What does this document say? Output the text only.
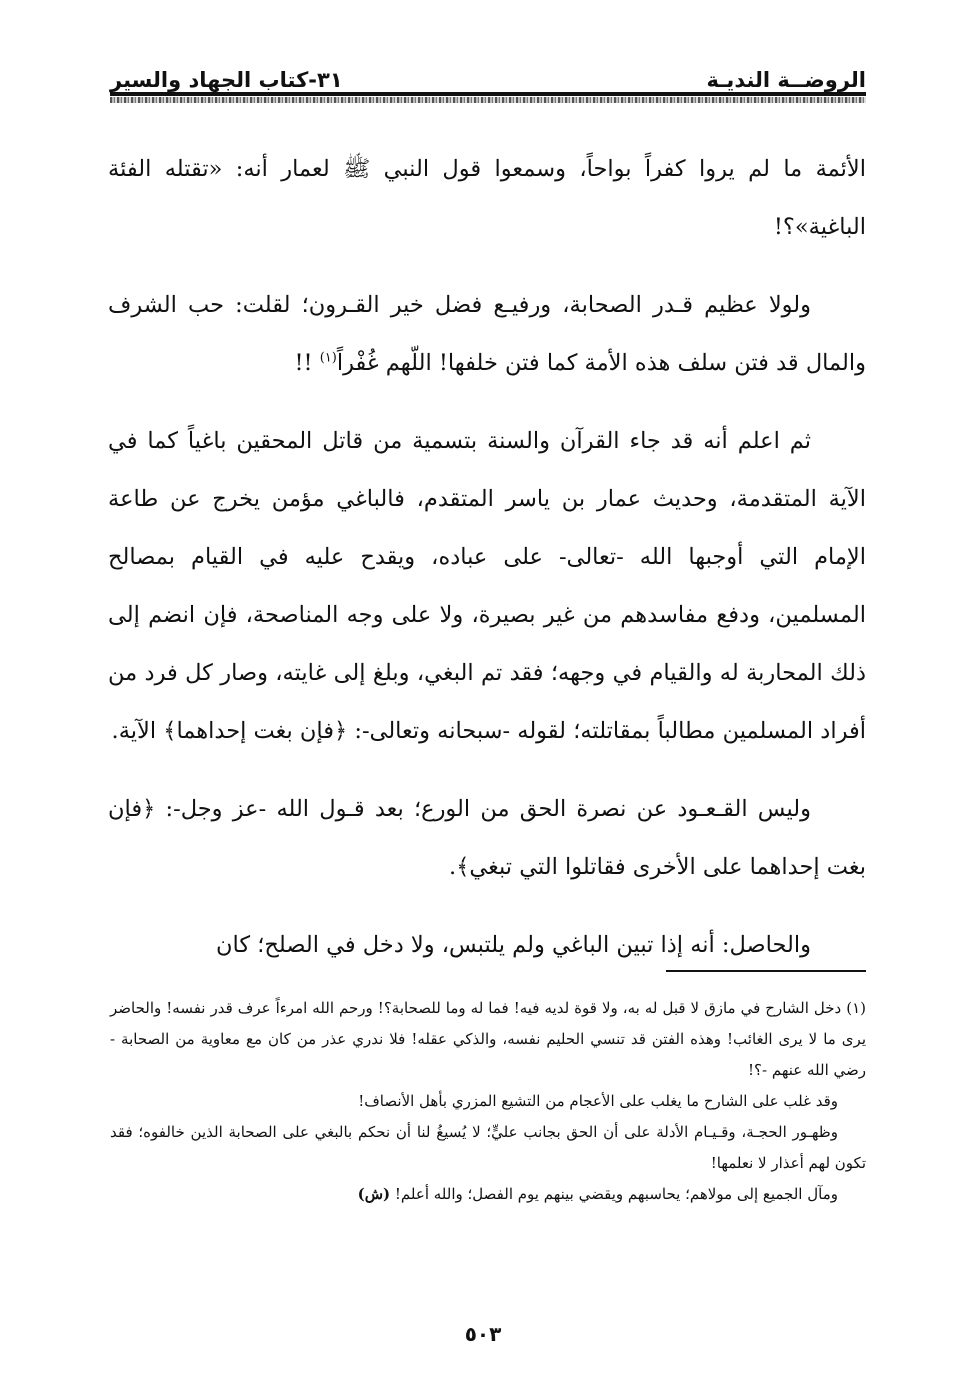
الروضــة النديـة
٣١-كتاب الجهاد والسير

الأئمة ما لم يروا كفراً بواحاً، وسمعوا قول النبي ﷺ لعمار أنه: «تقتله الفئة الباغية»؟!

ولولا عظيم قـدر الصحابة، ورفيـع فضل خير القـرون؛ لقلت: حب الشرف والمال قد فتن سلف هذه الأمة كما فتن خلفها! اللّهم غُفْراً$^{(١)}$ !!

ثم اعلم أنه قد جاء القرآن والسنة بتسمية من قاتل المحقين باغياً كما في الآية المتقدمة، وحديث عمار بن ياسر المتقدم، فالباغي مؤمن يخرج عن طاعة الإمام التي أوجبها الله -تعالى- على عباده، ويقدح عليه في القيام بمصالح المسلمين، ودفع مفاسدهم من غير بصيرة، ولا على وجه المناصحة، فإن انضم إلى ذلك المحاربة له والقيام في وجهه؛ فقد تم البغي، وبلغ إلى غايته، وصار كل فرد من أفراد المسلمين مطالباً بمقاتلته؛ لقوله -سبحانه وتعالى-: ﴿فإن بغت إحداهما﴾ الآية.

وليس القـعـود عن نصرة الحق من الورع؛ بعد قـول الله -عز وجل-: ﴿فإن بغت إحداهما على الأخرى فقاتلوا التي تبغي﴾.

والحاصل: أنه إذا تبين الباغي ولم يلتبس، ولا دخل في الصلح؛ كان

(١) دخل الشارح في مازق لا قبل له به، ولا قوة لديه فيه! فما له وما للصحابة؟! ورحم الله امرءاً عرف قدر نفسه! والحاضر يرى ما لا يرى الغائب! وهذه الفتن قد تنسي الحليم نفسه، والذكي عقله! فلا ندري عذر من كان مع معاوية من الصحابة - رضي الله عنهم -؟!

وقد غلب على الشارح ما يغلب على الأعجام من التشيع المزري بأهل الأنصاف!

وظهـور الحجـة، وقـيـام الأدلة على أن الحق بجانب عليٍّ؛ لا يُسيغُ لنا أن نحكم بالبغي على الصحابة الذين خالفوه؛ فقد تكون لهم أعذار لا نعلمها!

ومآل الجميع إلى مولاهم؛ يحاسبهم ويقضي بينهم يوم الفصل؛ والله أعلم! (ش)

٥٠٣
